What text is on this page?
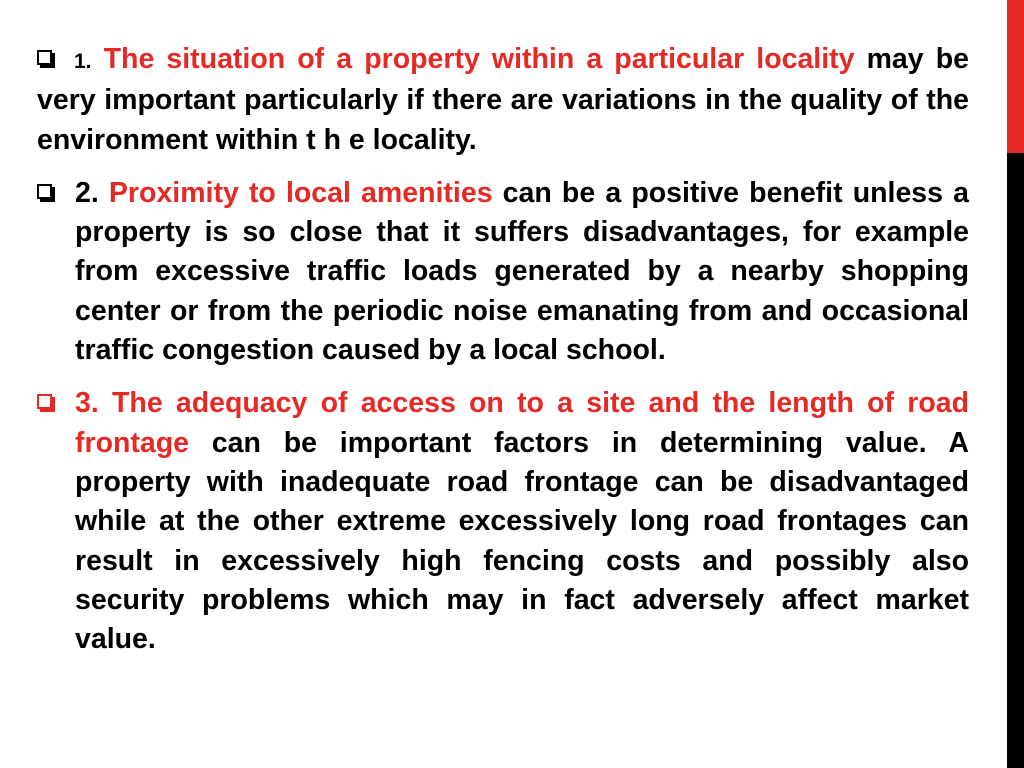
1. The situation of a property within a particular locality may be very important particularly if there are variations in the quality of the environment within t h e locality.
2. Proximity to local amenities can be a positive benefit unless a property is so close that it suffers disadvantages, for example from excessive traffic loads generated by a nearby shopping center or from the periodic noise emanating from and occasional traffic congestion caused by a local school.
3. The adequacy of access on to a site and the length of road frontage can be important factors in determining value. A property with inadequate road frontage can be disadvantaged while at the other extreme excessively long road frontages can result in excessively high fencing costs and possibly also security problems which may in fact adversely affect market value.
